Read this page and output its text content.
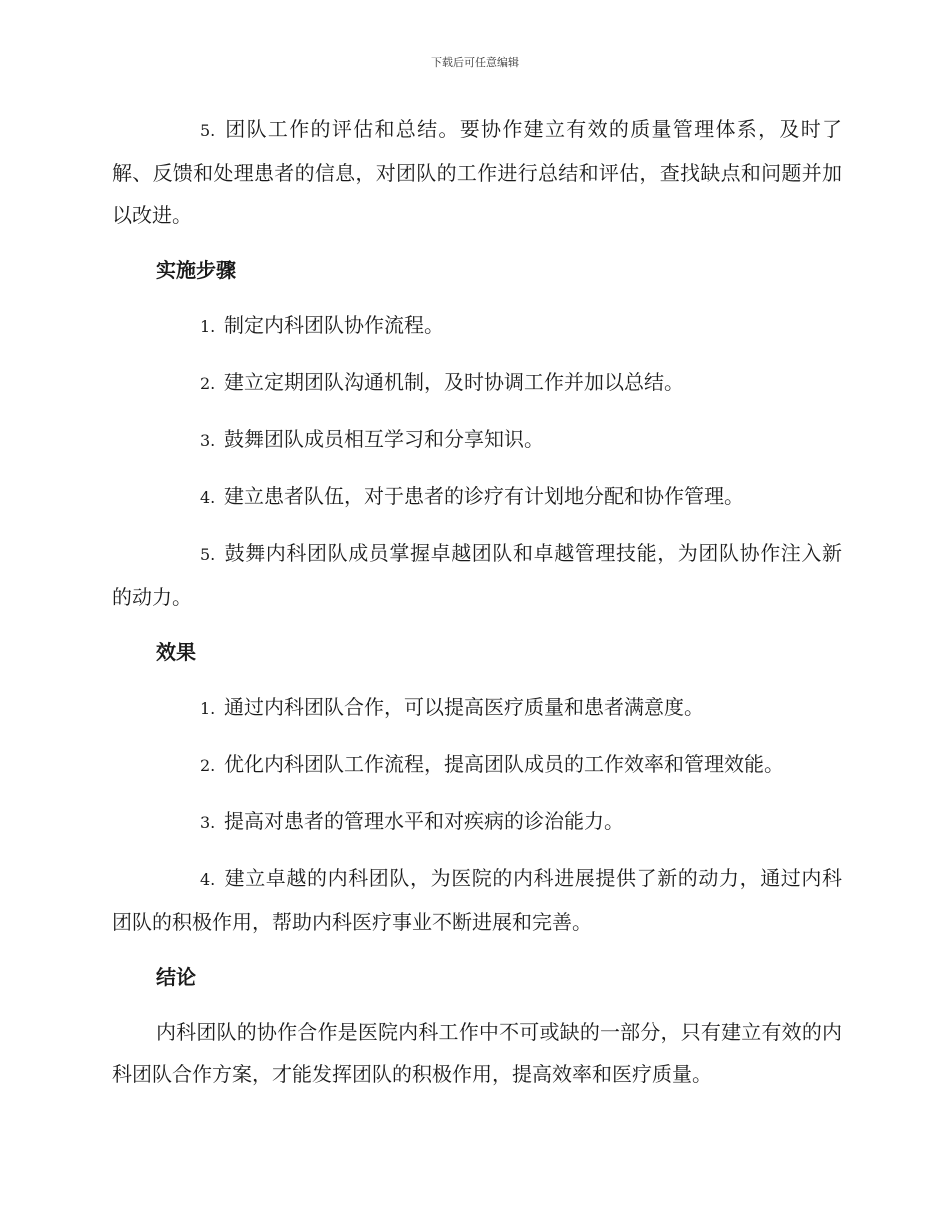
下载后可任意编辑

5. 团队工作的评估和总结。要协作建立有效的质量管理体系，及时了解、反馈和处理患者的信息，对团队的工作进行总结和评估，查找缺点和问题并加以改进。

实施步骤

1. 制定内科团队协作流程。

2. 建立定期团队沟通机制，及时协调工作并加以总结。

3. 鼓舞团队成员相互学习和分享知识。

4. 建立患者队伍，对于患者的诊疗有计划地分配和协作管理。

5. 鼓舞内科团队成员掌握卓越团队和卓越管理技能，为团队协作注入新的动力。

效果

1. 通过内科团队合作，可以提高医疗质量和患者满意度。

2. 优化内科团队工作流程，提高团队成员的工作效率和管理效能。

3. 提高对患者的管理水平和对疾病的诊治能力。

4. 建立卓越的内科团队，为医院的内科进展提供了新的动力，通过内科团队的积极作用，帮助内科医疗事业不断进展和完善。

结论

内科团队的协作合作是医院内科工作中不可或缺的一部分，只有建立有效的内科团队合作方案，才能发挥团队的积极作用，提高效率和医疗质量。
